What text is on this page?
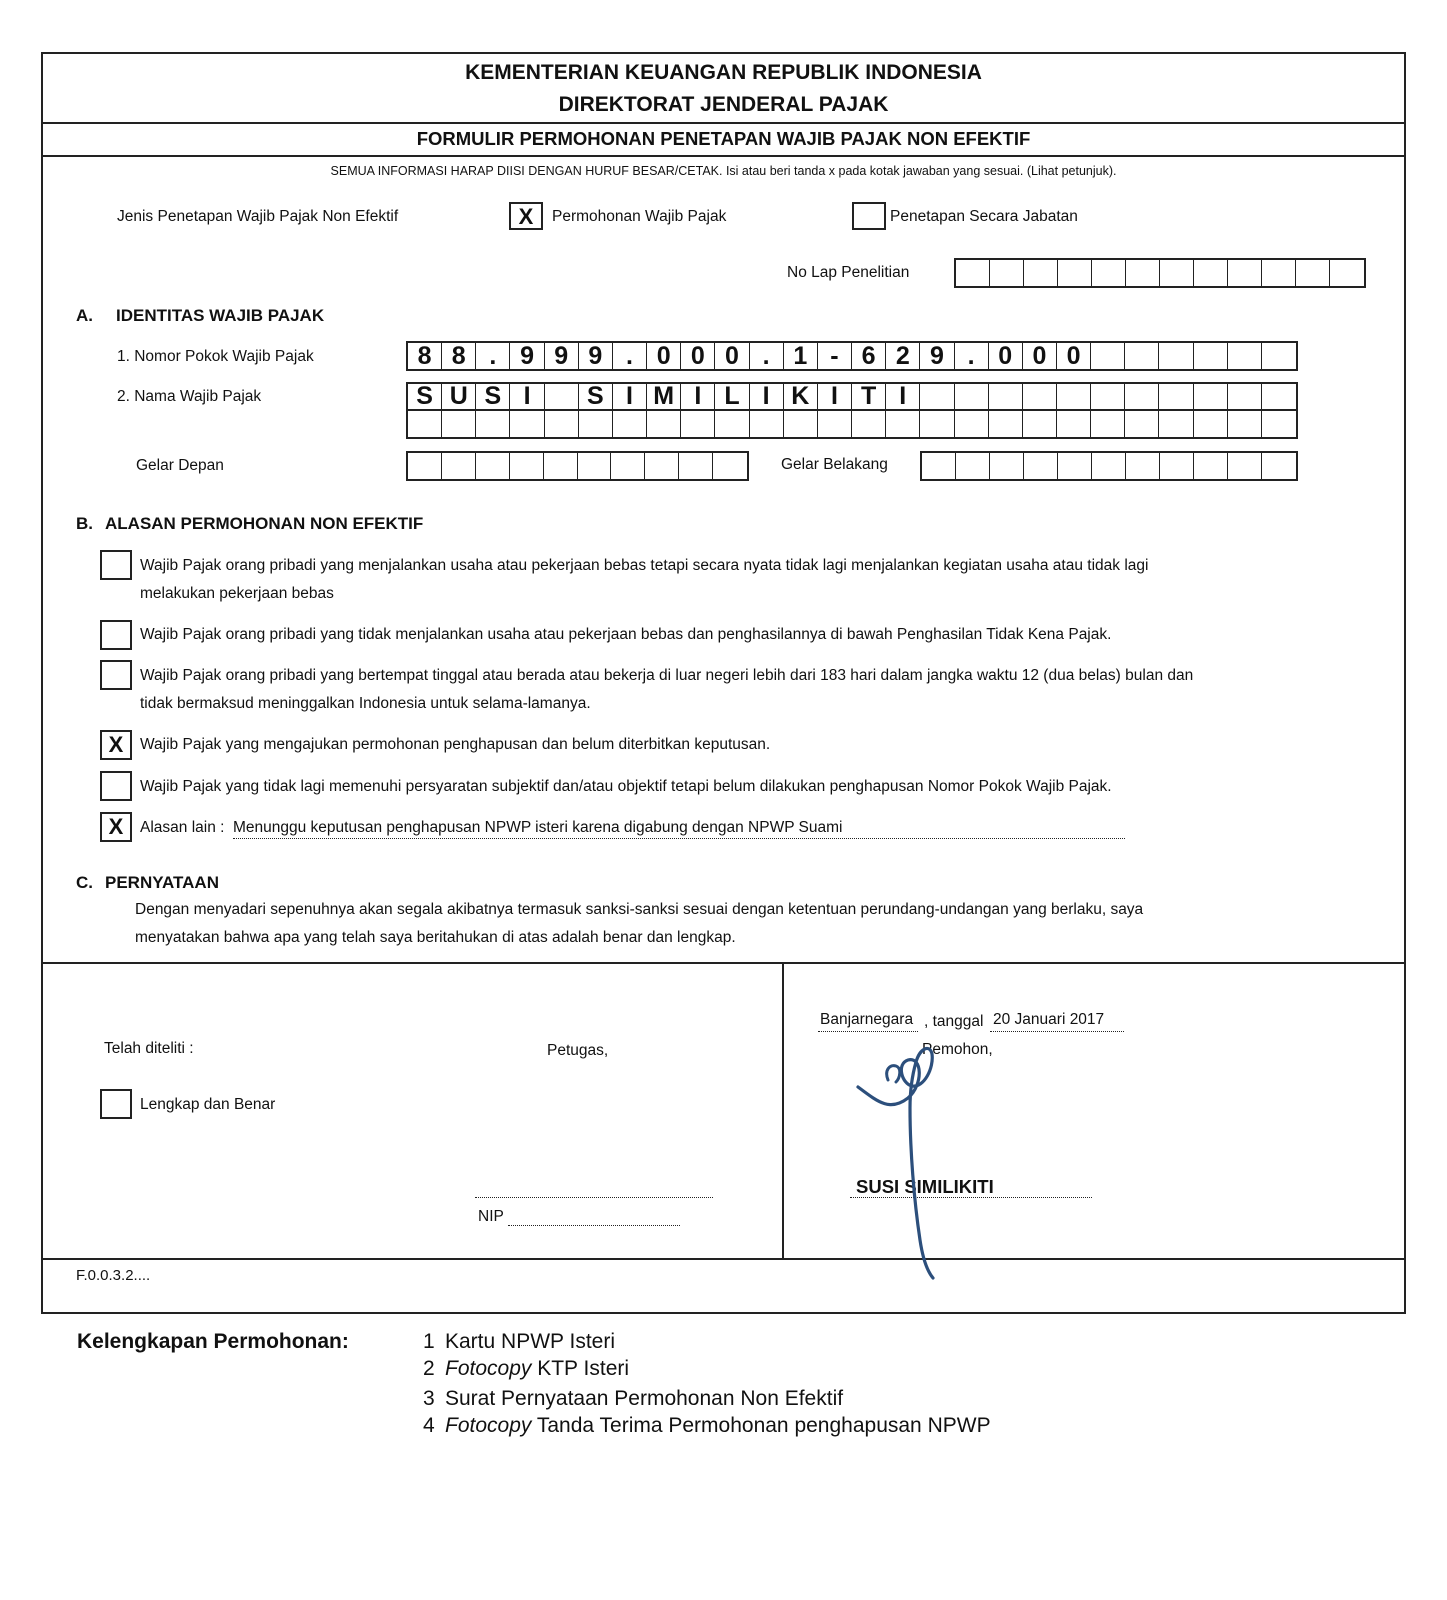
KEMENTERIAN KEUANGAN REPUBLIK INDONESIA
DIREKTORAT JENDERAL PAJAK
FORMULIR PERMOHONAN PENETAPAN WAJIB PAJAK NON EFEKTIF
SEMUA INFORMASI HARAP DIISI DENGAN HURUF BESAR/CETAK. Isi atau beri tanda x pada kotak jawaban yang sesuai. (Lihat petunjuk).
Jenis Penetapan Wajib Pajak Non Efektif	X	Permohonan Wajib Pajak	Penetapan Secara Jabatan
No Lap Penelitian
A. IDENTITAS WAJIB PAJAK
1. Nomor Pokok Wajib Pajak	8 8 . 9 9 9 . 0 0 0 . 1 - 6 2 9 . 0 0 0
2. Nama Wajib Pajak	S U S I	S I M I L I K I T I
Gelar Depan	Gelar Belakang
B. ALASAN PERMOHONAN NON EFEKTIF
Wajib Pajak orang pribadi yang menjalankan usaha atau pekerjaan bebas tetapi secara nyata tidak lagi menjalankan kegiatan usaha atau tidak lagi
melakukan pekerjaan bebas
Wajib Pajak orang pribadi yang tidak menjalankan usaha atau pekerjaan bebas dan penghasilannya di bawah Penghasilan Tidak Kena Pajak.
Wajib Pajak orang pribadi yang bertempat tinggal atau berada atau bekerja di luar negeri lebih dari 183 hari dalam jangka waktu 12 (dua belas) bulan dan
tidak bermaksud meninggalkan Indonesia untuk selama-lamanya.
X	Wajib Pajak yang mengajukan permohonan penghapusan dan belum diterbitkan keputusan.
Wajib Pajak yang tidak lagi memenuhi persyaratan subjektif dan/atau objektif tetapi belum dilakukan penghapusan Nomor Pokok Wajib Pajak.
X	Alasan lain : Menunggu keputusan penghapusan NPWP isteri karena digabung dengan NPWP Suami
C. PERNYATAAN
Dengan menyadari sepenuhnya akan segala akibatnya termasuk sanksi-sanksi sesuai dengan ketentuan perundang-undangan yang berlaku, saya
menyatakan bahwa apa yang telah saya beritahukan di atas adalah benar dan lengkap.
Telah diteliti :
Lengkap dan Benar
Petugas,
NIP
Banjarnegara , tanggal 20 Januari 2017
Pemohon,
SUSI SIMILIKITI
F.0.0.3.2....
Kelengkapan Permohonan:	1 Kartu NPWP Isteri
2 Fotocopy KTP Isteri
3 Surat Pernyataan Permohonan Non Efektif
4 Fotocopy Tanda Terima Permohonan penghapusan NPWP
